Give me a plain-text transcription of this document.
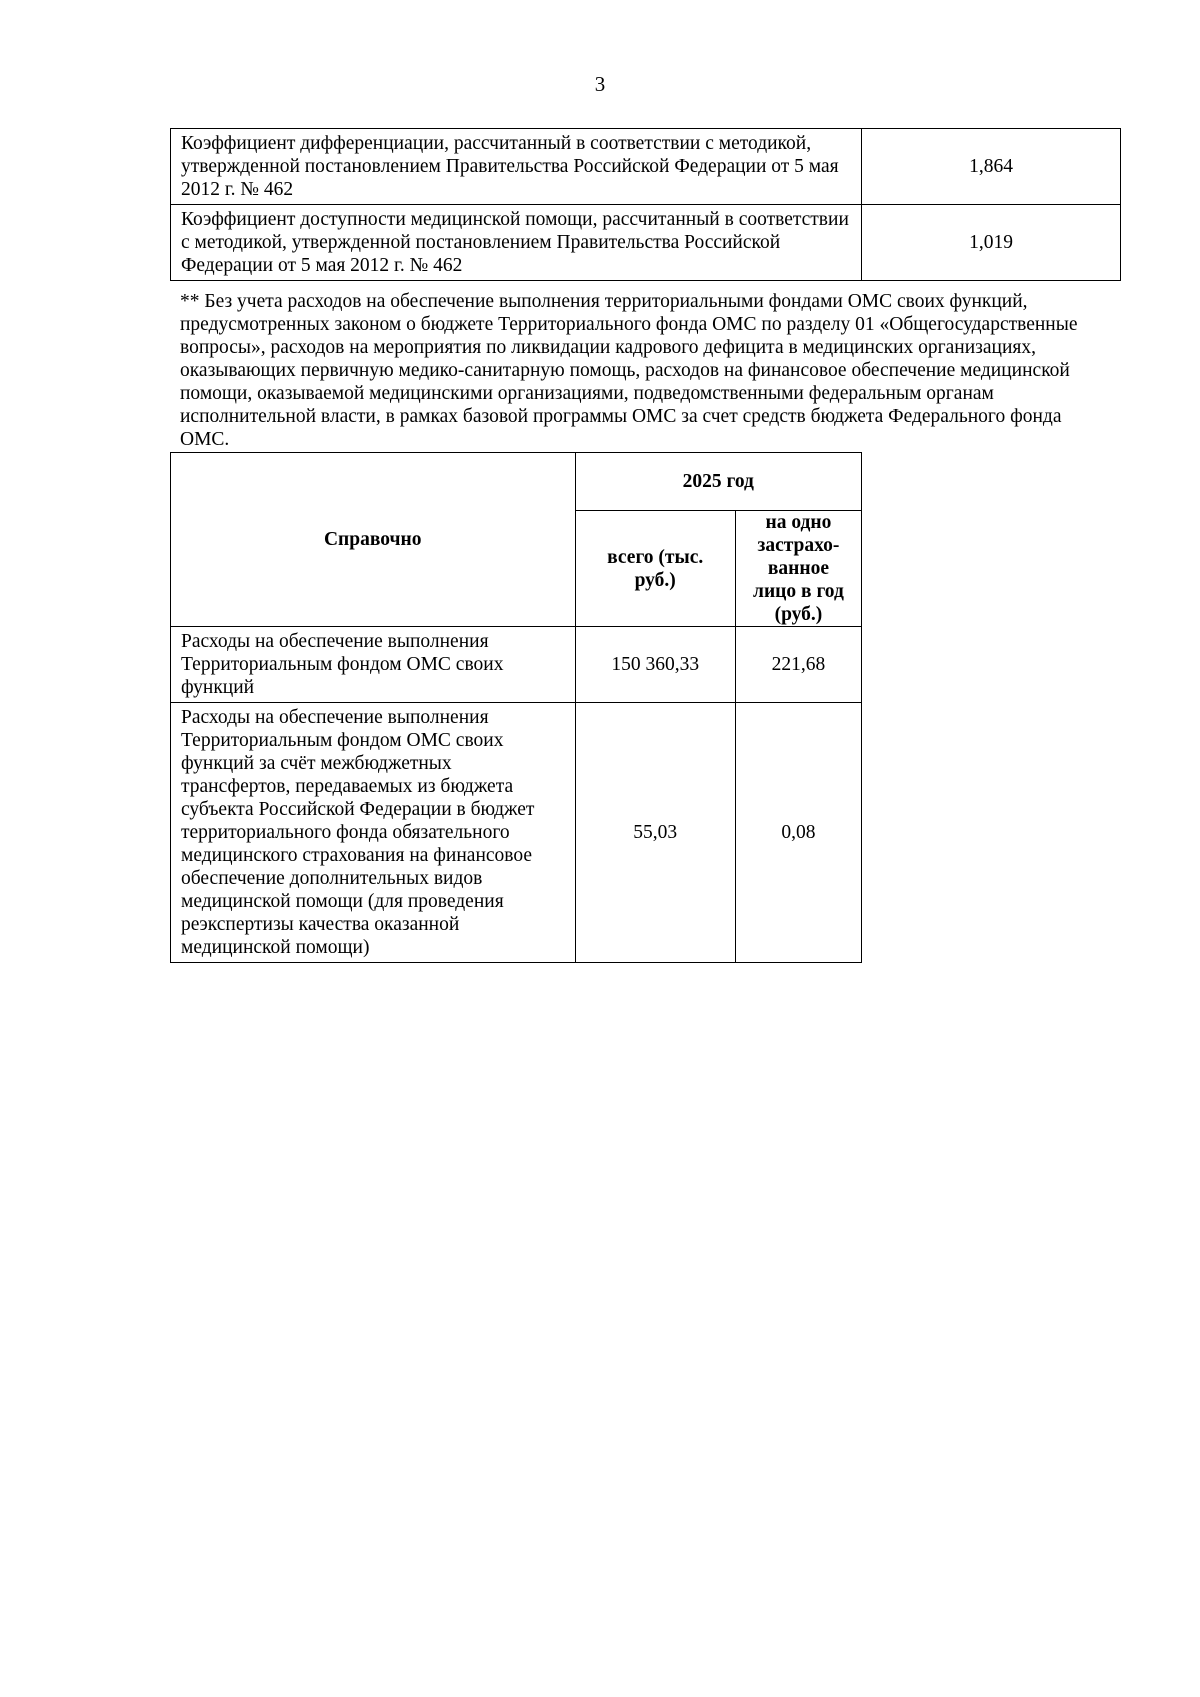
3
Коэффициент дифференциации, рассчитанный в соответствии с методикой, утвержденной постановлением Правительства Российской Федерации от 5 мая 2012 г. № 462	1,864
Коэффициент доступности медицинской помощи, рассчитанный в соответствии с методикой, утвержденной постановлением Правительства Российской Федерации от 5 мая 2012 г. № 462	1,019
** Без учета расходов на обеспечение выполнения территориальными фондами ОМС своих функций, предусмотренных законом о бюджете Территориального фонда ОМС по разделу 01 «Общегосударственные вопросы», расходов на мероприятия по ликвидации кадрового дефицита в медицинских организациях, оказывающих первичную медико-санитарную помощь, расходов на финансовое обеспечение медицинской помощи, оказываемой медицинскими организациями, подведомственными федеральным органам исполнительной власти, в рамках базовой программы ОМС за счет средств бюджета Федерального фонда ОМС.
Справочно	2025 год	
	всего (тыс. руб.)	на одно застрахо-ванное лицо в год (руб.)
Расходы на обеспечение выполнения Территориальным фондом ОМС своих функций	150 360,33	221,68
Расходы на обеспечение выполнения Территориальным фондом ОМС своих функций за счёт межбюджетных трансфертов, передаваемых из бюджета субъекта Российской Федерации в бюджет территориального фонда обязательного медицинского страхования на финансовое обеспечение дополнительных видов медицинской помощи (для проведения реэкспертизы качества оказанной медицинской помощи)	55,03	0,08
